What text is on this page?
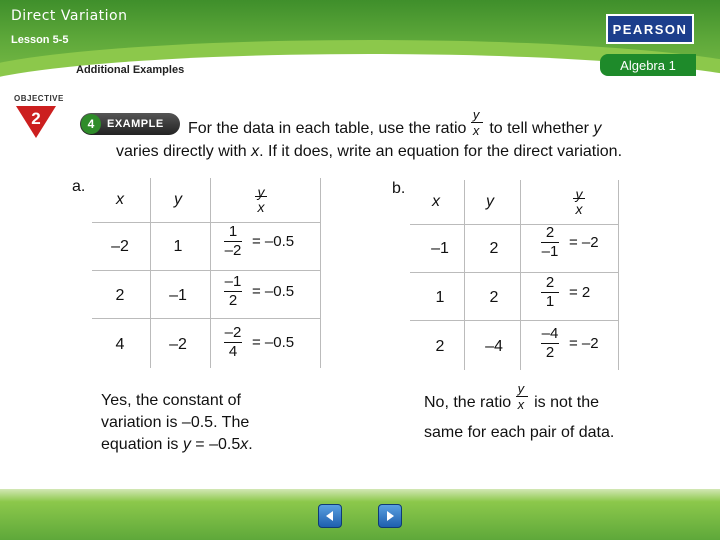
Direct Variation
Lesson 5-5
PEARSON
Algebra 1
Additional Examples
OBJECTIVE
2	4	EXAMPLE For the data in each table, use the ratio $\frac{y}{x}$ to tell whether y
varies directly with x. If it does, write an equation for the direct variation.
a.
x	y	y
x
–2	1
1
–2
= –0.5
2	–1
–1
2
= –0.5
4	–2
–2
4
= –0.5
b.
x	y	y
x
–1	2
2
–1
= –2
1	2
2
1
= 2
2	–4
–4
2
= –2
Yes, the constant of variation is –0.5. The equation is y = –0.5x.
No, the ratio $\frac{y}{x}$ is not the
same for each pair of data.
